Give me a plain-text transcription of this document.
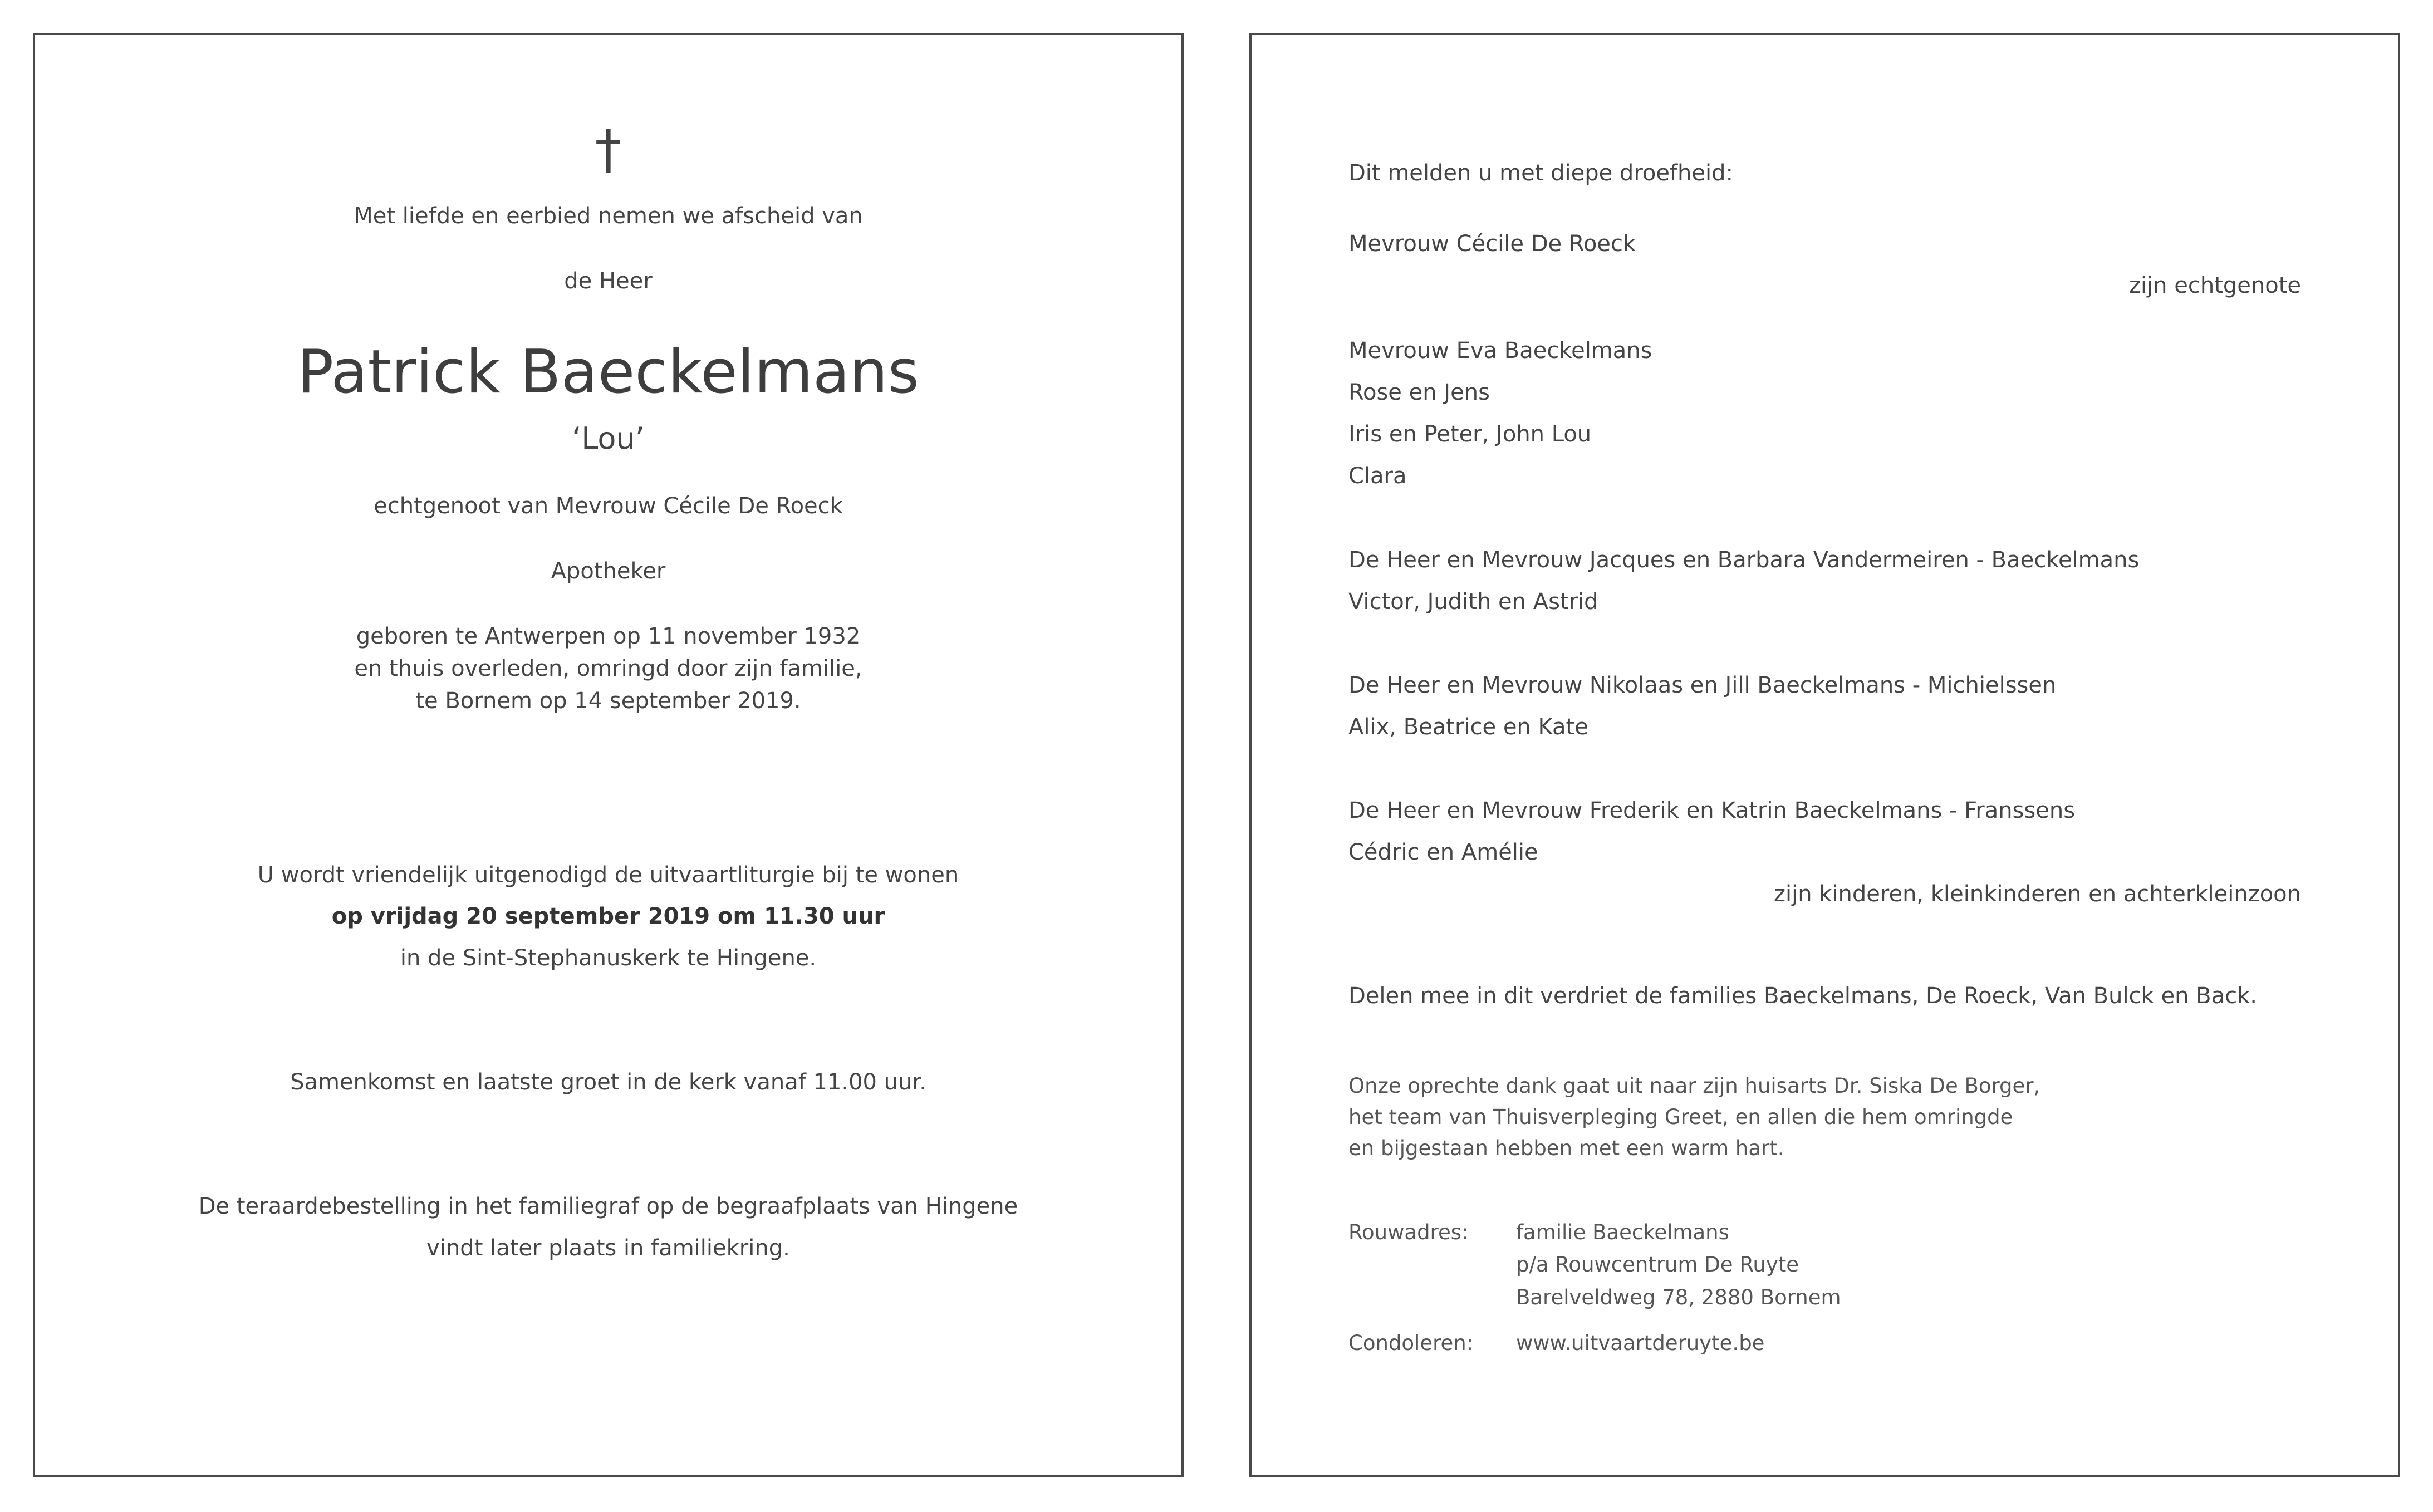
†
Met liefde en eerbied nemen we afscheid van
de Heer
Patrick Baeckelmans
‘Lou’
echtgenoot van Mevrouw Cécile De Roeck
Apotheker
geboren te Antwerpen op 11 november 1932
en thuis overleden, omringd door zijn familie,
te Bornem op 14 september 2019.
U wordt vriendelijk uitgenodigd de uitvaartliturgie bij te wonen
op vrijdag 20 september 2019 om 11.30 uur
in de Sint-Stephanuskerk te Hingene.
Samenkomst en laatste groet in de kerk vanaf 11.00 uur.
De teraardebestelling in het familiegraf op de begraafplaats van Hingene
vindt later plaats in familiekring.
Dit melden u met diepe droefheid:
Mevrouw Cécile De Roeck
zijn echtgenote
Mevrouw Eva Baeckelmans
Rose en Jens
Iris en Peter, John Lou
Clara
De Heer en Mevrouw Jacques en Barbara Vandermeiren - Baeckelmans
Victor, Judith en Astrid
De Heer en Mevrouw Nikolaas en Jill Baeckelmans - Michielssen
Alix, Beatrice en Kate
De Heer en Mevrouw Frederik en Katrin Baeckelmans - Franssens
Cédric en Amélie
zijn kinderen, kleinkinderen en achterkleinzoon
Delen mee in dit verdriet de families Baeckelmans, De Roeck, Van Bulck en Back.
Onze oprechte dank gaat uit naar zijn huisarts Dr. Siska De Borger,
het team van Thuisverpleging Greet, en allen die hem omringde
en bijgestaan hebben met een warm hart.
Rouwadres: familie Baeckelmans
p/a Rouwcentrum De Ruyte
Barelveldweg 78, 2880 Bornem
Condoleren: www.uitvaartderuyte.be
